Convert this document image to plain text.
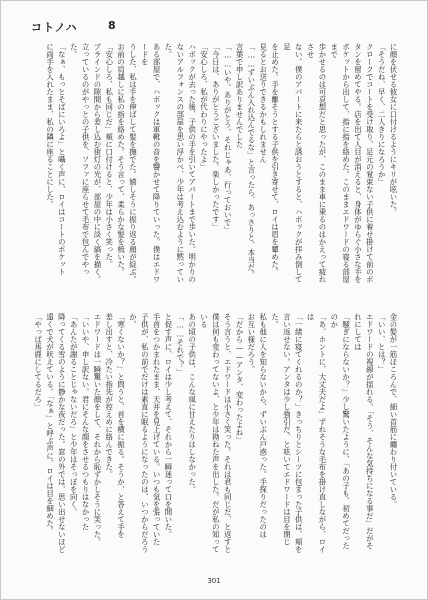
コトノハ	8
に顔を伏せる彼女に口付けるようにキリが呟いた。
「そうだね、早く、二人きりになろうか」
クロークでコートを受け取り、足元の覚束ない子供に着せ掛けて前のボ
タンを留めてやる。店を出て人目が消えると、身体がゆらぐ小さな手を
ポケットから出して、指に指を絡めた。このままエドワードの寝る部屋まで
歩かせるのは可哀想だと思ったが、このまま車に乗るのはかえって疲れさせ
ない。僕のアパートに来たらと誘おうとすると、ハボックが拝み倒して足
を止めた。手を離そうとする子供を引き寄せて、ロイは眉を顰めた。
見るとお送りできるかもしれません
「……ずいぶん入れ込んでるな」と言ったら、あっさりと、本当だ。
言葉で申し訳ありませんでした
「……いや。ありがとう、それじゃあ、行っておいで」
「今日は、ありがとうございました。楽しかったです」
「安心しろ、私が代わりにやったよ」
ハボックが去った後、子供の手を引いてアパートまで歩いた。明かりの
ないアルフォンスの部屋を思い浮かべ、少年は考え込むように黙っていた。
ある部屋で、ハボックは軍靴の音を響かせて降りていった。僕はエドワードを
うした、私は手を伸ばして髪を撫でた。嬉しそうに振り返る顔が綻ぶ。
お前の肩越しに私の指を絡めた。そう言って、柔らかな髪を梳いた。
「安心しろ、私も同じだ」頬に口付けると、少年は小さく笑った。
ブラインドの隙間から差し込む街灯の光が、部屋の中に淡く縞を描く。
立っているのがやっとの子供を、ソファに座らせて毛布で包んでやった。
「なぁ、もっとそばにいろよ」と囁く声に、ロイはコートのポケット
に両手を入れたまま、私の隣に座ることにした。
金の髪が一筋ほころんで、細い首筋に纏わり付いている。
「いい、とは？」
エドワードの視線が揺れる。「そう、そんな気持ちになる事だ」だがそれにしては
「騒ぎにならないか？」少し驚いたように、「あの子も、初めてだったのか
「あ、ホントに、大丈夫だよ」ずれそうな毛布を掛け直しながら、ロイは
「一緒に寝てくれるのか？」きっちりとシーツに包まった子供は、頬を
言い返せない。アンタは少し強引だ、と呟いてエドワードは目を閉じた。
私も他に人を知らないから、ずいぶん戸惑った。手探りだったのは
お互い様だろう。
「だから——アンタ、変わったよね」
そう言うと、エドワードは小さく笑った。それは君も同じだ、と返すと
僕は何も変わってないよ、と少年は拗ねた声を出した。だが私の知っている
あの頃の子供は、こんな風に甘えたりはしなかった。
「……それで？」
と促す声に、ロイは少し考えて、それから一瞬迷って口を開いた。
手首をつかまれたまま、天井を見上げている。いつも気を張っていた
子供が、私の前でだけは素直に眠るようになったのは、いつからだろうか。
「寒くないか？」と問うと、首を横に振る。そうか、と答えて手を
差し出すと、冷たい指先が控えめに絡んできた。
エドワードは一瞬驚いた顔をして、それから恥ずかしそうに笑った。
「いいや、申し訳ない。君にそんな顔をさせるつもりはなかった
「あんたが謝ることじゃないだろ」と少年はそっぽを向く。
降ってくる雪のように静かな夜だった。窓の外では、思い出せないほど
遠くで犬が吠えている。「なぁ」と呼ぶ声に、ロイは目を細めた。
「やっぱ馬鹿にしてるだろ」
301
